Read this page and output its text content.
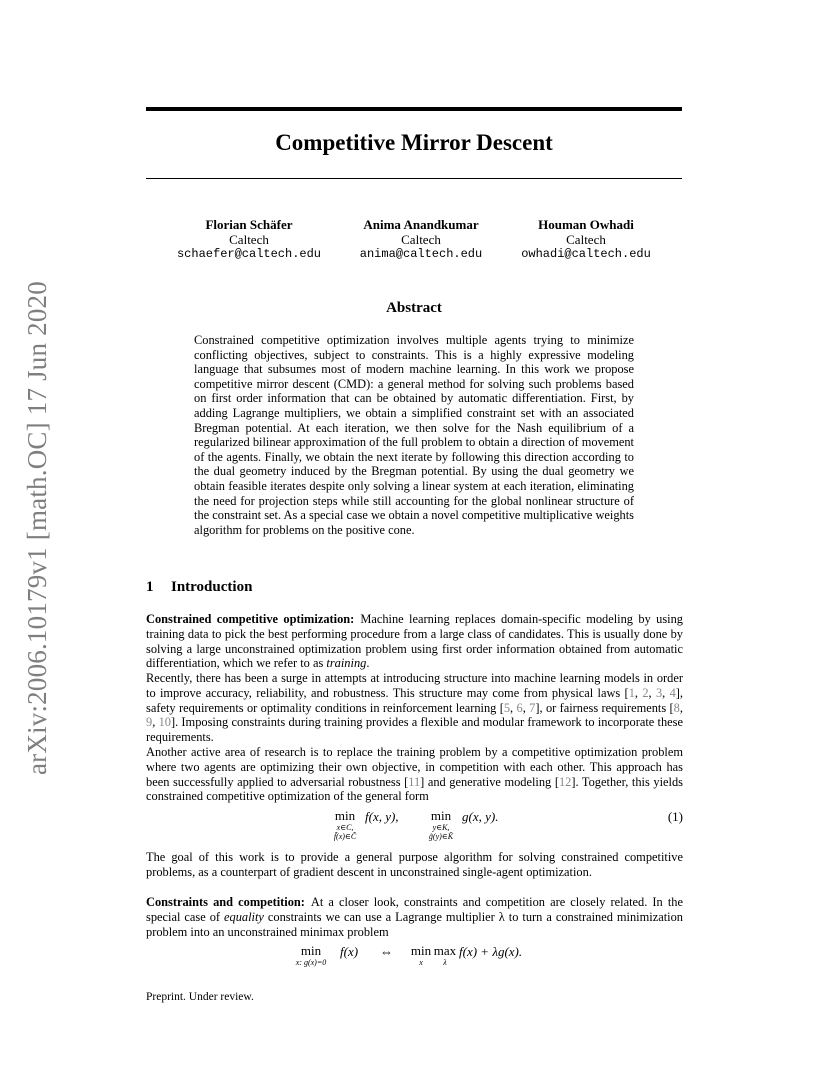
arXiv:2006.10179v1 [math.OC] 17 Jun 2020
Competitive Mirror Descent
Florian Schäfer
Caltech
schaefer@caltech.edu
Anima Anandkumar
Caltech
anima@caltech.edu
Houman Owhadi
Caltech
owhadi@caltech.edu
Abstract

Constrained competitive optimization involves multiple agents trying to minimize conflicting objectives, subject to constraints. This is a highly expressive modeling language that subsumes most of modern machine learning. In this work we propose competitive mirror descent (CMD): a general method for solving such problems based on first order information that can be obtained by automatic differentiation. First, by adding Lagrange multipliers, we obtain a simplified constraint set with an associated Bregman potential. At each iteration, we then solve for the Nash equilibrium of a regularized bilinear approximation of the full problem to obtain a direction of movement of the agents. Finally, we obtain the next iterate by following this direction according to the dual geometry induced by the Bregman potential. By using the dual geometry we obtain feasible iterates despite only solving a linear system at each iteration, eliminating the need for projection steps while still accounting for the global nonlinear structure of the constraint set. As a special case we obtain a novel competitive multiplicative weights algorithm for problems on the positive cone.

1 Introduction

Constrained competitive optimization: Machine learning replaces domain-specific modeling by using training data to pick the best performing procedure from a large class of candidates. This is usually done by solving a large unconstrained optimization problem using first order information obtained from automatic differentiation, which we refer to as training.

Recently, there has been a surge in attempts at introducing structure into machine learning models in order to improve accuracy, reliability, and robustness. This structure may come from physical laws [1, 2, 3, 4], safety requirements or optimality conditions in reinforcement learning [5, 6, 7], or fairness requirements [8, 9, 10]. Imposing constraints during training provides a flexible and modular framework to incorporate these requirements.

Another active area of research is to replace the training problem by a competitive optimization problem where two agents are optimizing their own objective, in competition with each other. This approach has been successfully applied to adversarial robustness [11] and generative modeling [12]. Together, this yields constrained competitive optimization of the general form

min
x∈C,
f̃(x)∈C̃
f(x, y),	min
y∈K,
g̃(y)∈K̃
g(x, y).	(1)

The goal of this work is to provide a general purpose algorithm for solving constrained competitive problems, as a counterpart of gradient descent in unconstrained single-agent optimization.

Constraints and competition: At a closer look, constraints and competition are closely related. In the special case of equality constraints we can use a Lagrange multiplier λ to turn a constrained minimization problem into an unconstrained minimax problem

min
x: g(x)=0
f(x) ⇔ min
x
max
λ
f(x) + λg(x).

Preprint. Under review.
